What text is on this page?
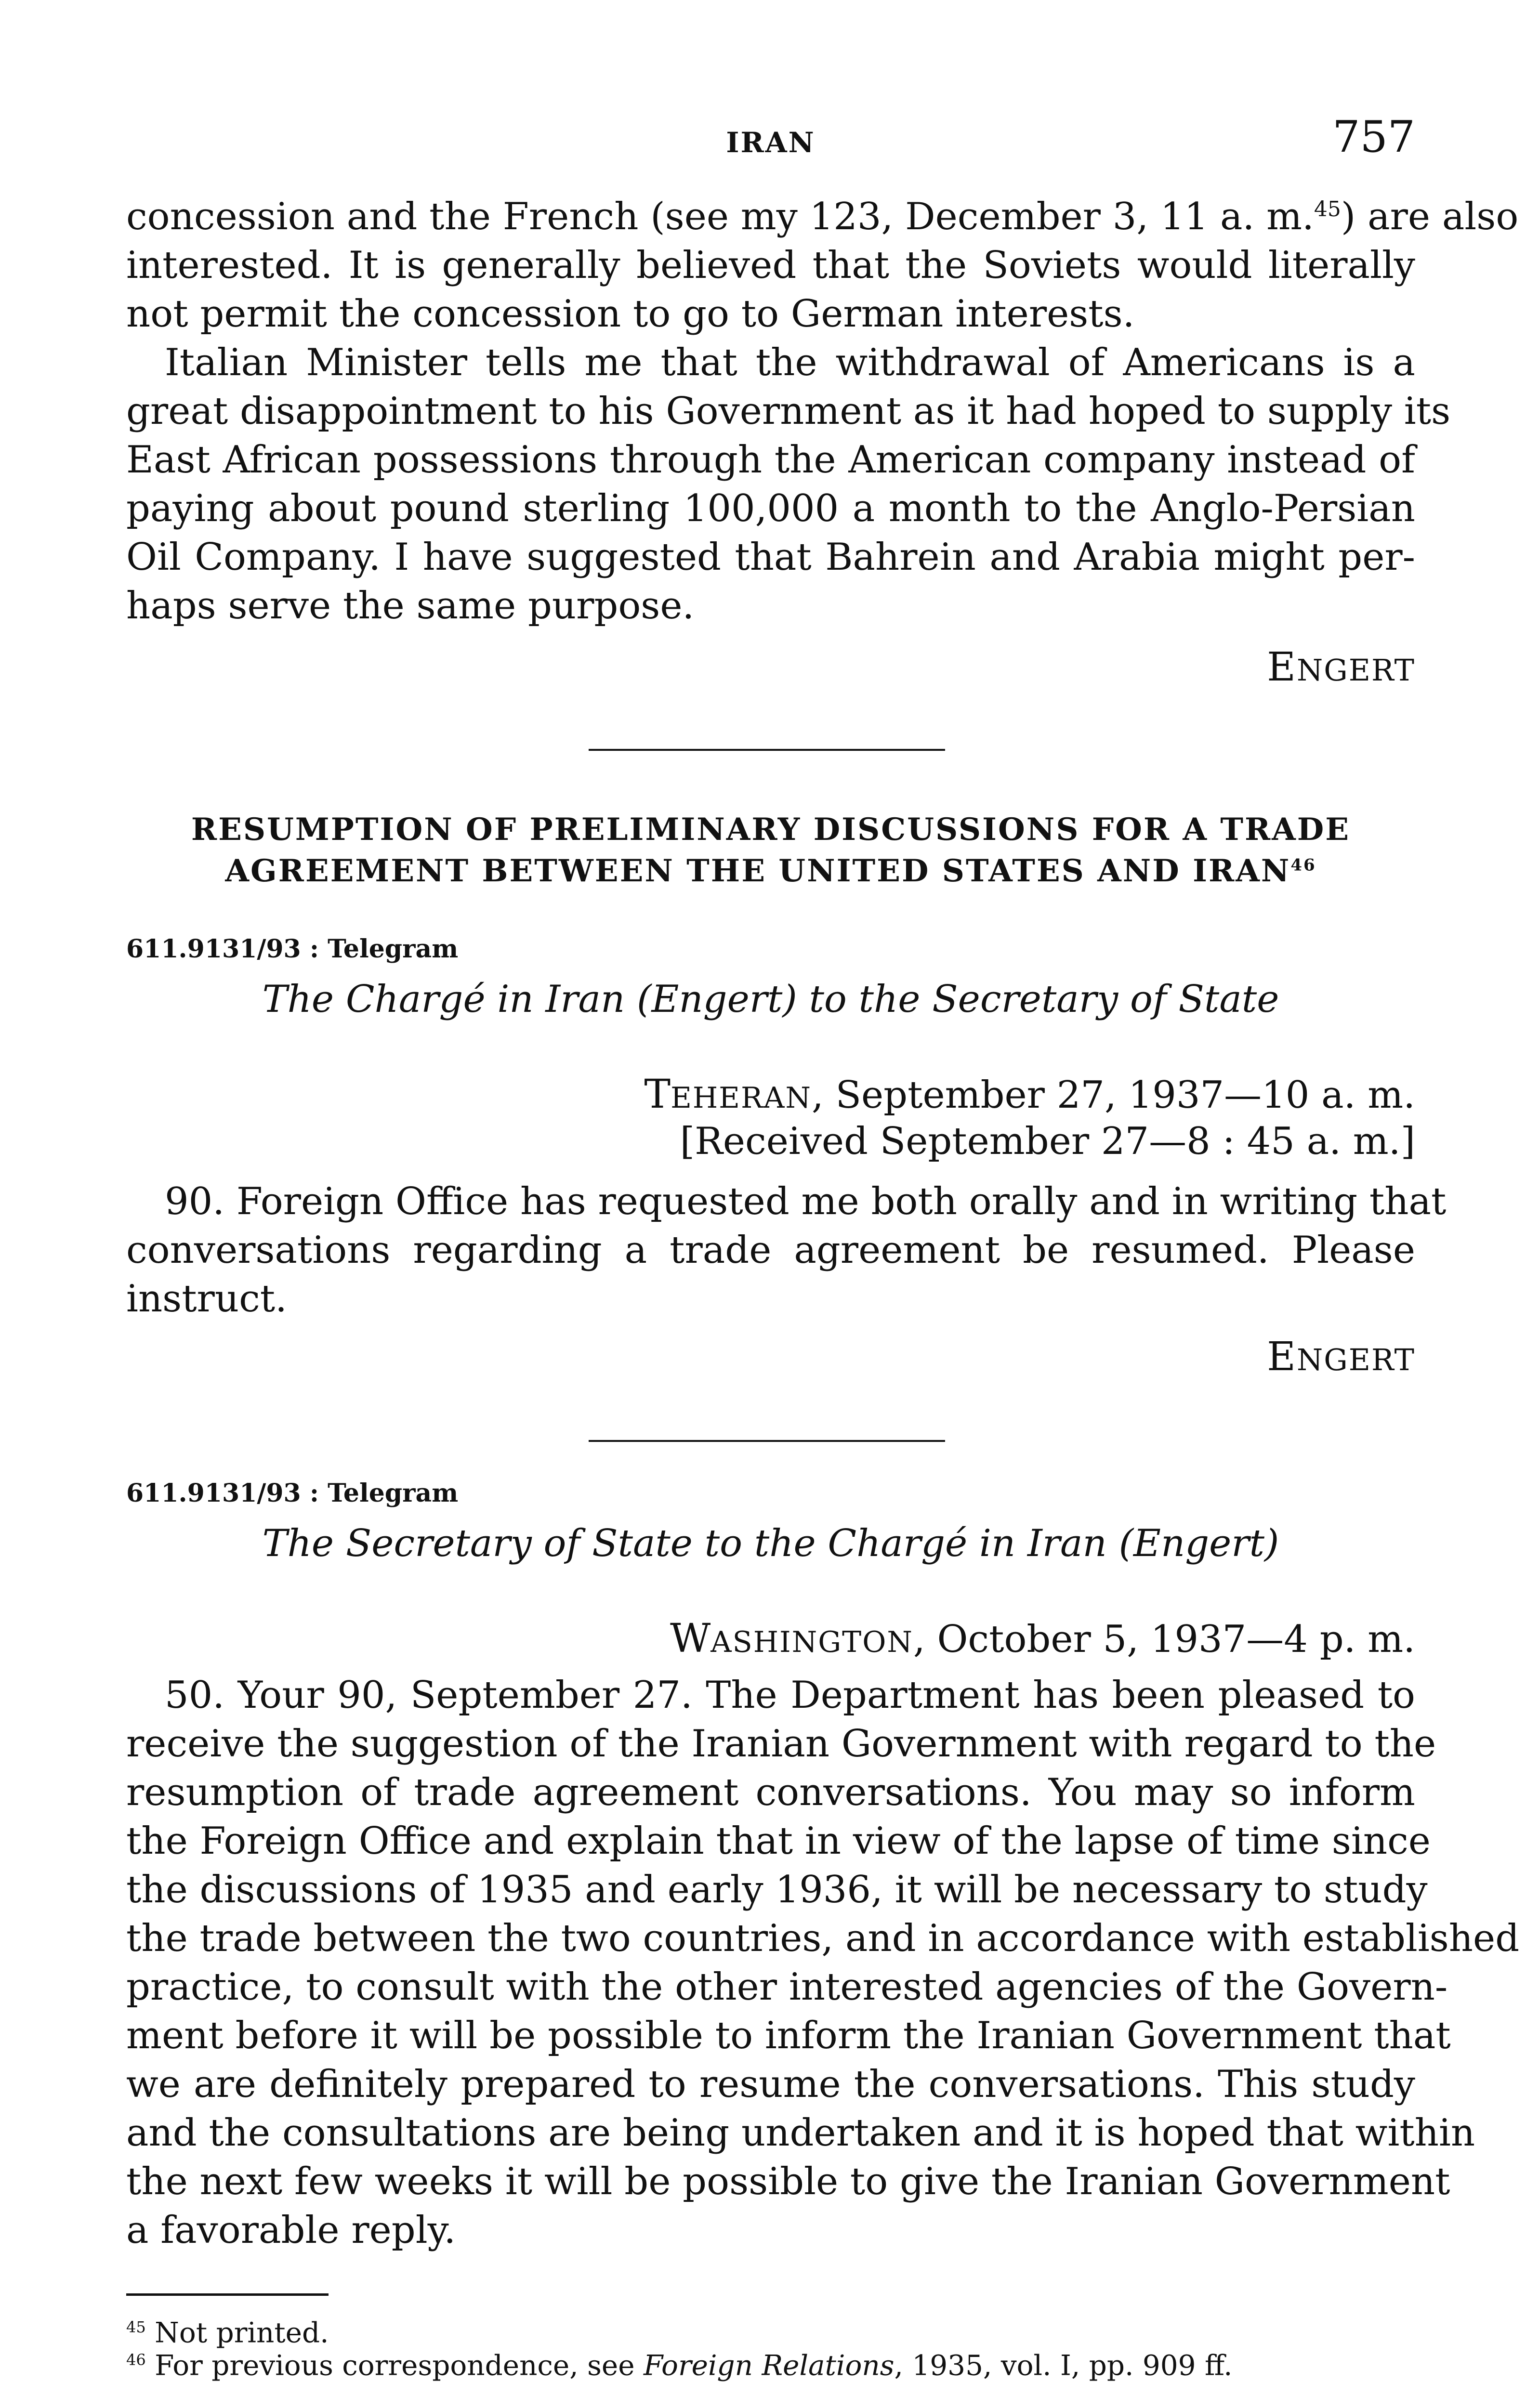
IRAN	757
concession and the French (see my 123, December 3, 11 a. m.$^{45}$) are also
interested. It is generally believed that the Soviets would literally
not permit the concession to go to German interests.
Italian Minister tells me that the withdrawal of Americans is a
great disappointment to his Government as it had hoped to supply its
East African possessions through the American company instead of
paying about pound sterling 100,000 a month to the Anglo-Persian
Oil Company. I have suggested that Bahrein and Arabia might per-
haps serve the same purpose.
ENGERT
RESUMPTION OF PRELIMINARY DISCUSSIONS FOR A TRADE
AGREEMENT BETWEEN THE UNITED STATES AND IRAN$^{46}$
611.9131/93 : Telegram
The Chargé in Iran (Engert) to the Secretary of State
TEHERAN, September 27, 1937—10 a. m.
[Received September 27—8 : 45 a. m.]
90. Foreign Office has requested me both orally and in writing that
conversations regarding a trade agreement be resumed. Please
instruct.
ENGERT
611.9131/93 : Telegram
The Secretary of State to the Chargé in Iran (Engert)
WASHINGTON, October 5, 1937—4 p. m.
50. Your 90, September 27. The Department has been pleased to
receive the suggestion of the Iranian Government with regard to the
resumption of trade agreement conversations. You may so inform
the Foreign Office and explain that in view of the lapse of time since
the discussions of 1935 and early 1936, it will be necessary to study
the trade between the two countries, and in accordance with established
practice, to consult with the other interested agencies of the Govern-
ment before it will be possible to inform the Iranian Government that
we are definitely prepared to resume the conversations. This study
and the consultations are being undertaken and it is hoped that within
the next few weeks it will be possible to give the Iranian Government
a favorable reply.
$^{45}$ Not printed.
$^{46}$ For previous correspondence, see Foreign Relations, 1935, vol. I, pp. 909 ff.
